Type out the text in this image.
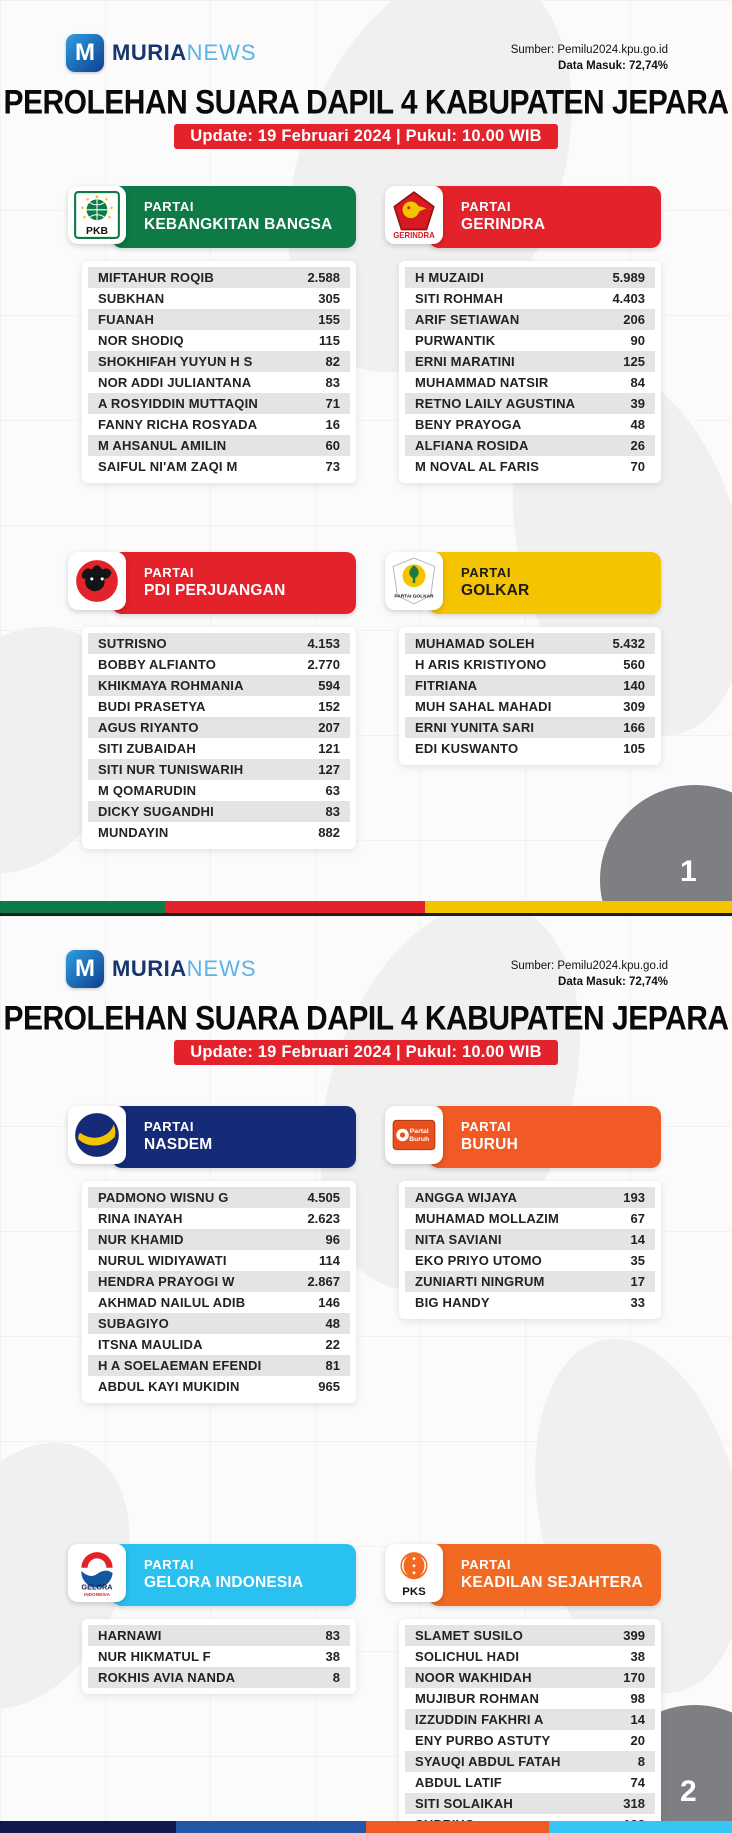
M MURIANEWS	Sumber: Pemilu2024.kpu.go.id
Data Masuk: 72,74%
PEROLEHAN SUARA DAPIL 4 KABUPATEN JEPARA
Update: 19 Februari 2024 | Pukul: 10.00 WIB
1
PKB
PARTAI
KEBANGKITAN BANGSA
MIFTAHUR ROQIB	2.588
SUBKHAN	305
FUANAH	155
NOR SHODIQ	115
SHOKHIFAH YUYUN H S	82
NOR ADDI JULIANTANA	83
A ROSYIDDIN MUTTAQIN	71
FANNY RICHA ROSYADA	16
M AHSANUL AMILIN	60
SAIFUL NI'AM ZAQI M	73
GERINDRA
PARTAI
GERINDRA
H MUZAIDI	5.989
SITI ROHMAH	4.403
ARIF SETIAWAN	206
PURWANTIK	90
ERNI MARATINI	125
MUHAMMAD NATSIR	84
RETNO LAILY AGUSTINA	39
BENY PRAYOGA	48
ALFIANA ROSIDA	26
M NOVAL AL FARIS	70
PARTAI
PDI PERJUANGAN
SUTRISNO	4.153
BOBBY ALFIANTO	2.770
KHIKMAYA ROHMANIA	594
BUDI PRASETYA	152
AGUS RIYANTO	207
SITI ZUBAIDAH	121
SITI NUR TUNISWARIH	127
M QOMARUDIN	63
DICKY SUGANDHI	83
MUNDAYIN	882
PARTAI GOLKAR
PARTAI
GOLKAR
MUHAMAD SOLEH	5.432
H ARIS KRISTIYONO	560
FITRIANA	140
MUH SAHAL MAHADI	309
ERNI YUNITA SARI	166
EDI KUSWANTO	105
M MURIANEWS	Sumber: Pemilu2024.kpu.go.id
Data Masuk: 72,74%
PEROLEHAN SUARA DAPIL 4 KABUPATEN JEPARA
Update: 19 Februari 2024 | Pukul: 10.00 WIB
2
PARTAI
NASDEM
PADMONO WISNU G	4.505
RINA INAYAH	2.623
NUR KHAMID	96
NURUL WIDIYAWATI	114
HENDRA PRAYOGI W	2.867
AKHMAD NAILUL ADIB	146
SUBAGIYO	48
ITSNA MAULIDA	22
H A SOELAEMAN EFENDI	81
ABDUL KAYI MUKIDIN	965
Partai
Buruh
PARTAI
BURUH
ANGGA WIJAYA	193
MUHAMAD MOLLAZIM	67
NITA SAVIANI	14
EKO PRIYO UTOMO	35
ZUNIARTI NINGRUM	17
BIG HANDY	33
GELORA
INDONESIA
PARTAI
GELORA INDONESIA
HARNAWI	83
NUR HIKMATUL F	38
ROKHIS AVIA NANDA	8
PKS
PARTAI
KEADILAN SEJAHTERA
SLAMET SUSILO	399
SOLICHUL HADI	38
NOOR WAKHIDAH	170
MUJIBUR ROHMAN	98
IZZUDDIN FAKHRI A	14
ENY PURBO ASTUTY	20
SYAUQI ABDUL FATAH	8
ABDUL LATIF	74
SITI SOLAIKAH	318
